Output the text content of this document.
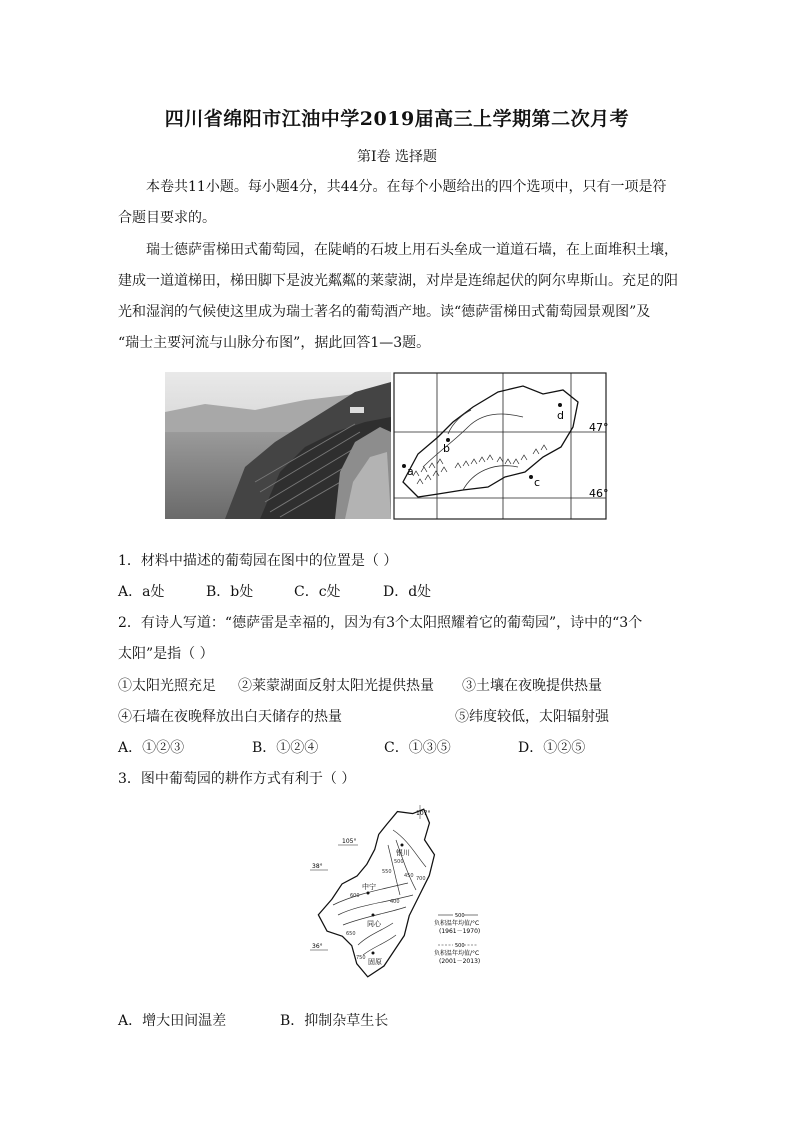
四川省绵阳市江油中学2019届高三上学期第二次月考
第Ⅰ卷 选择题
本卷共11小题。每小题4分，共44分。在每个小题给出的四个选项中，只有一项是符
合题目要求的。
瑞士德萨雷梯田式葡萄园，在陡峭的石坡上用石头垒成一道道石墙，在上面堆积土壤，
建成一道道梯田，梯田脚下是波光粼粼的莱蒙湖，对岸是连绵起伏的阿尔卑斯山。充足的阳
光和湿润的气候使这里成为瑞士著名的葡萄酒产地。读“德萨雷梯田式葡萄园景观图”及
“瑞士主要河流与山脉分布图”，据此回答1—3题。
a
b
c
d
47°
46°
1．材料中描述的葡萄园在图中的位置是（ ）
A．a处	B．b处	C．c处	D．d处
2．有诗人写道：“德萨雷是幸福的，因为有3个太阳照耀着它的葡萄园”，诗中的“3个
太阳”是指（ ）
①太阳光照充足 ②莱蒙湖面反射太阳光提供热量 ③土壤在夜晚提供热量
④石墙在夜晚释放出白天储存的热量	⑤纬度较低，太阳辐射强
A．①②③	B．①②④	C．①③⑤	D．①②⑤
3．图中葡萄园的耕作方式有利于（ ）
107°
105°
38°
36°
银川
中宁
同心
固原
700
600
550
500
450
400
650
750
500
负积温年均值/°C
(1961－1970)
500
负积温年均值/°C
(2001－2013)
A．增大田间温差	B．抑制杂草生长
